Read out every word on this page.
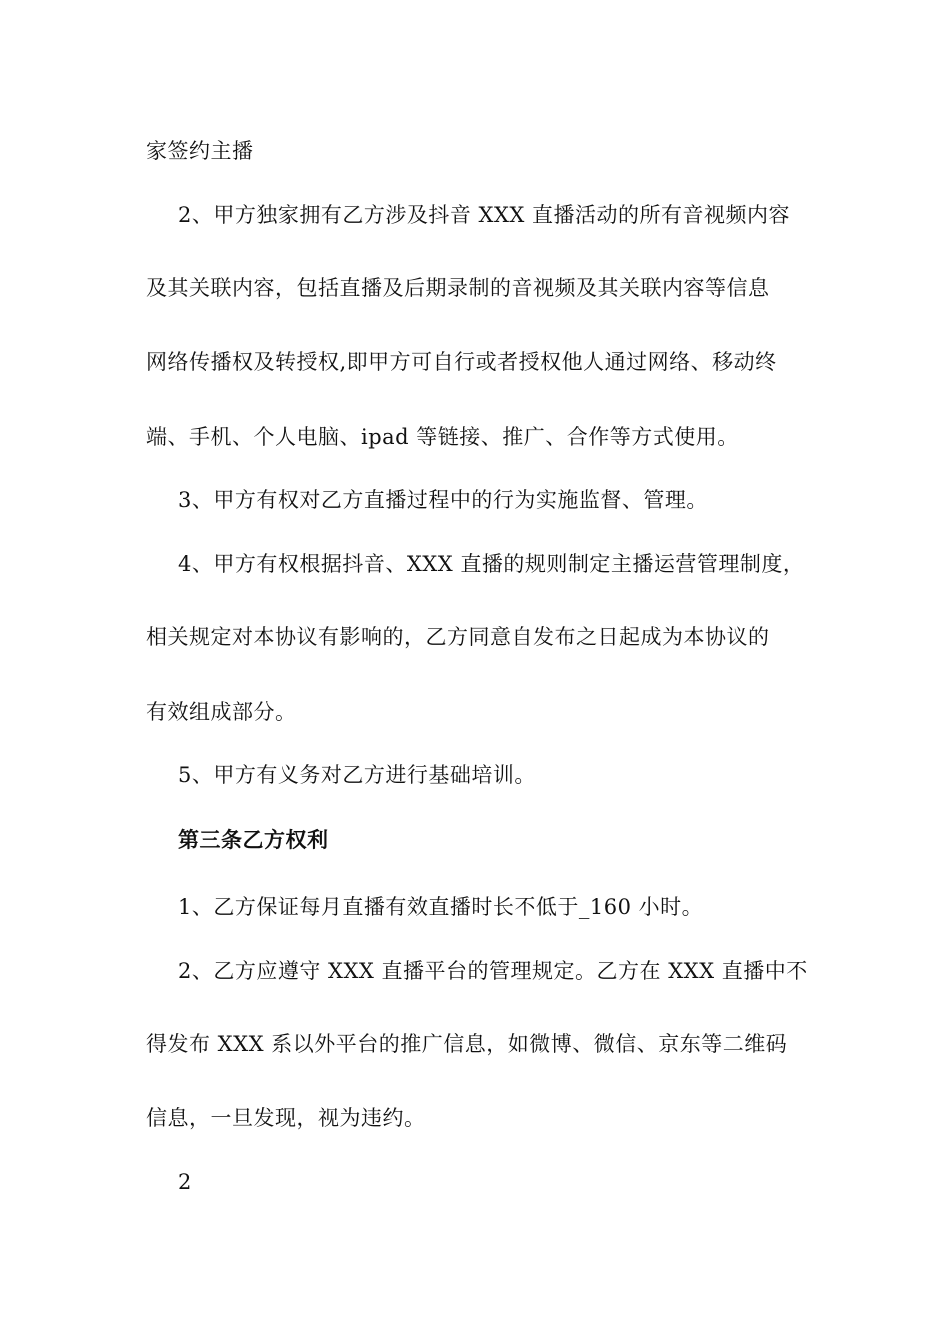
家签约主播
2、甲方独家拥有乙方涉及抖音 XXX 直播活动的所有音视频内容
及其关联内容，包括直播及后期录制的音视频及其关联内容等信息
网络传播权及转授权,即甲方可自行或者授权他人通过网络、移动终
端、手机、个人电脑、ipad 等链接、推广、合作等方式使用。
3、甲方有权对乙方直播过程中的行为实施监督、管理。
4、甲方有权根据抖音、XXX 直播的规则制定主播运营管理制度，
相关规定对本协议有影响的，乙方同意自发布之日起成为本协议的
有效组成部分。
5、甲方有义务对乙方进行基础培训。
第三条乙方权利
1、乙方保证每月直播有效直播时长不低于_160 小时。
2、乙方应遵守 XXX 直播平台的管理规定。乙方在 XXX 直播中不
得发布 XXX 系以外平台的推广信息，如微博、微信、京东等二维码
信息，一旦发现，视为违约。
2
